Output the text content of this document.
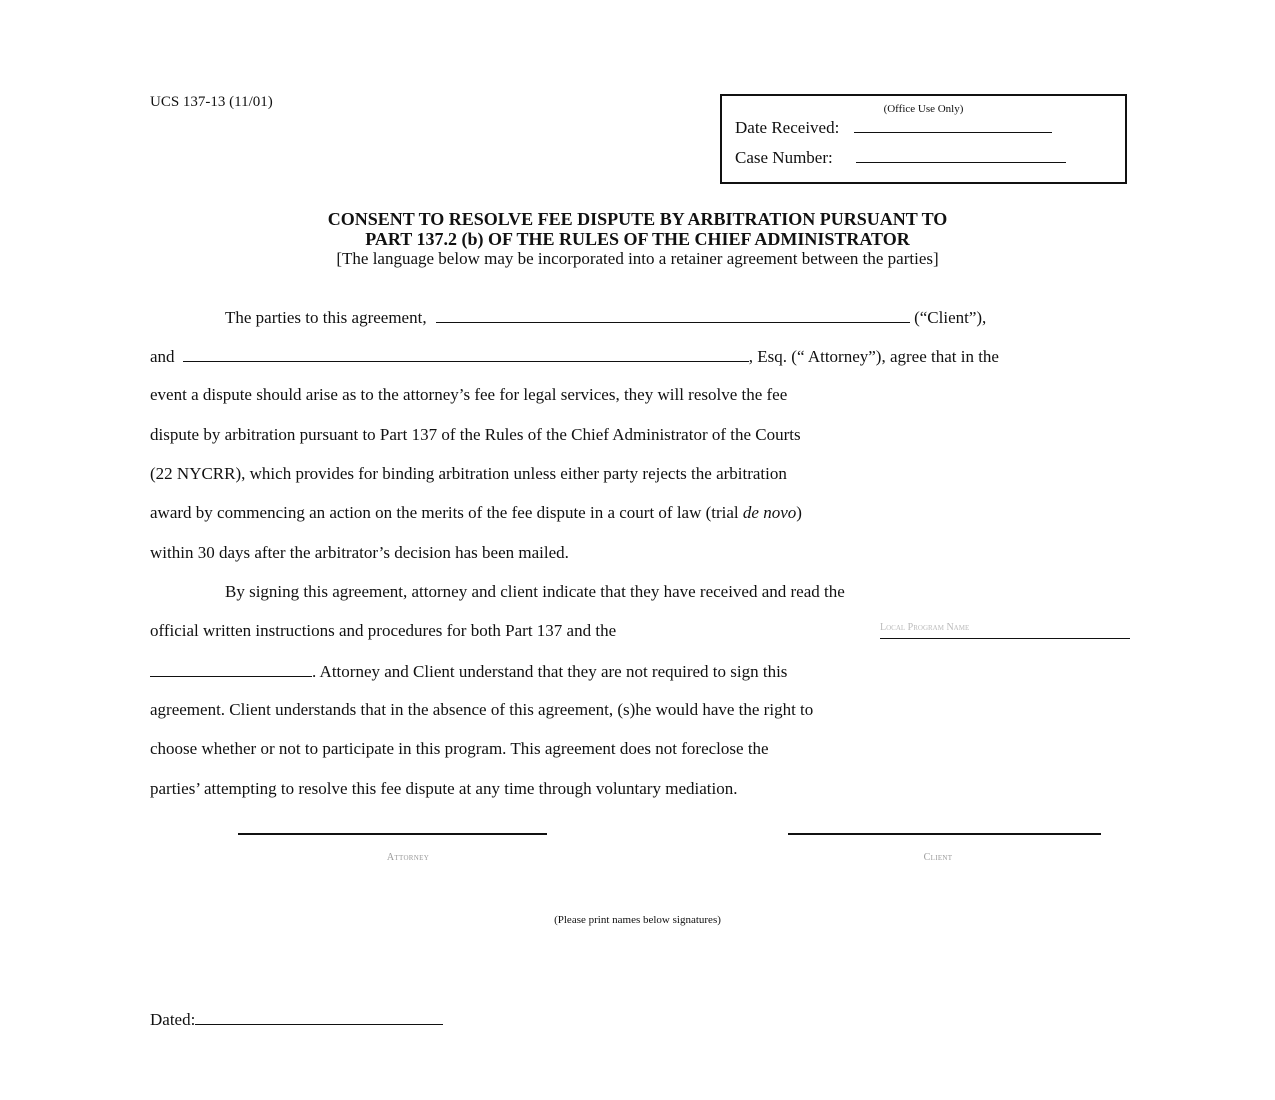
UCS 137-13 (11/01)	(Office Use Only)
Date Received:
Case Number:
CONSENT TO RESOLVE FEE DISPUTE BY ARBITRATION PURSUANT TO
PART 137.2 (b) OF THE RULES OF THE CHIEF ADMINISTRATOR
[The language below may be incorporated into a retainer agreement between the parties]
The parties to this agreement,	(“Client”),
and	, Esq. (“ Attorney”), agree that in the
event a dispute should arise as to the attorney’s fee for legal services, they will resolve the fee
dispute by arbitration pursuant to Part 137 of the Rules of the Chief Administrator of the Courts
(22 NYCRR), which provides for binding arbitration unless either party rejects the arbitration
award by commencing an action on the merits of the fee dispute in a court of law (trial de novo)
within 30 days after the arbitrator’s decision has been mailed.
By signing this agreement, attorney and client indicate that they have received and read the
official written instructions and procedures for both Part 137 and the	Local Program Name
. Attorney and Client understand that they are not required to sign this
agreement. Client understands that in the absence of this agreement, (s)he would have the right to
choose whether or not to participate in this program. This agreement does not foreclose the
parties’ attempting to resolve this fee dispute at any time through voluntary mediation.
Attorney	Client
(Please print names below signatures)
Dated:
